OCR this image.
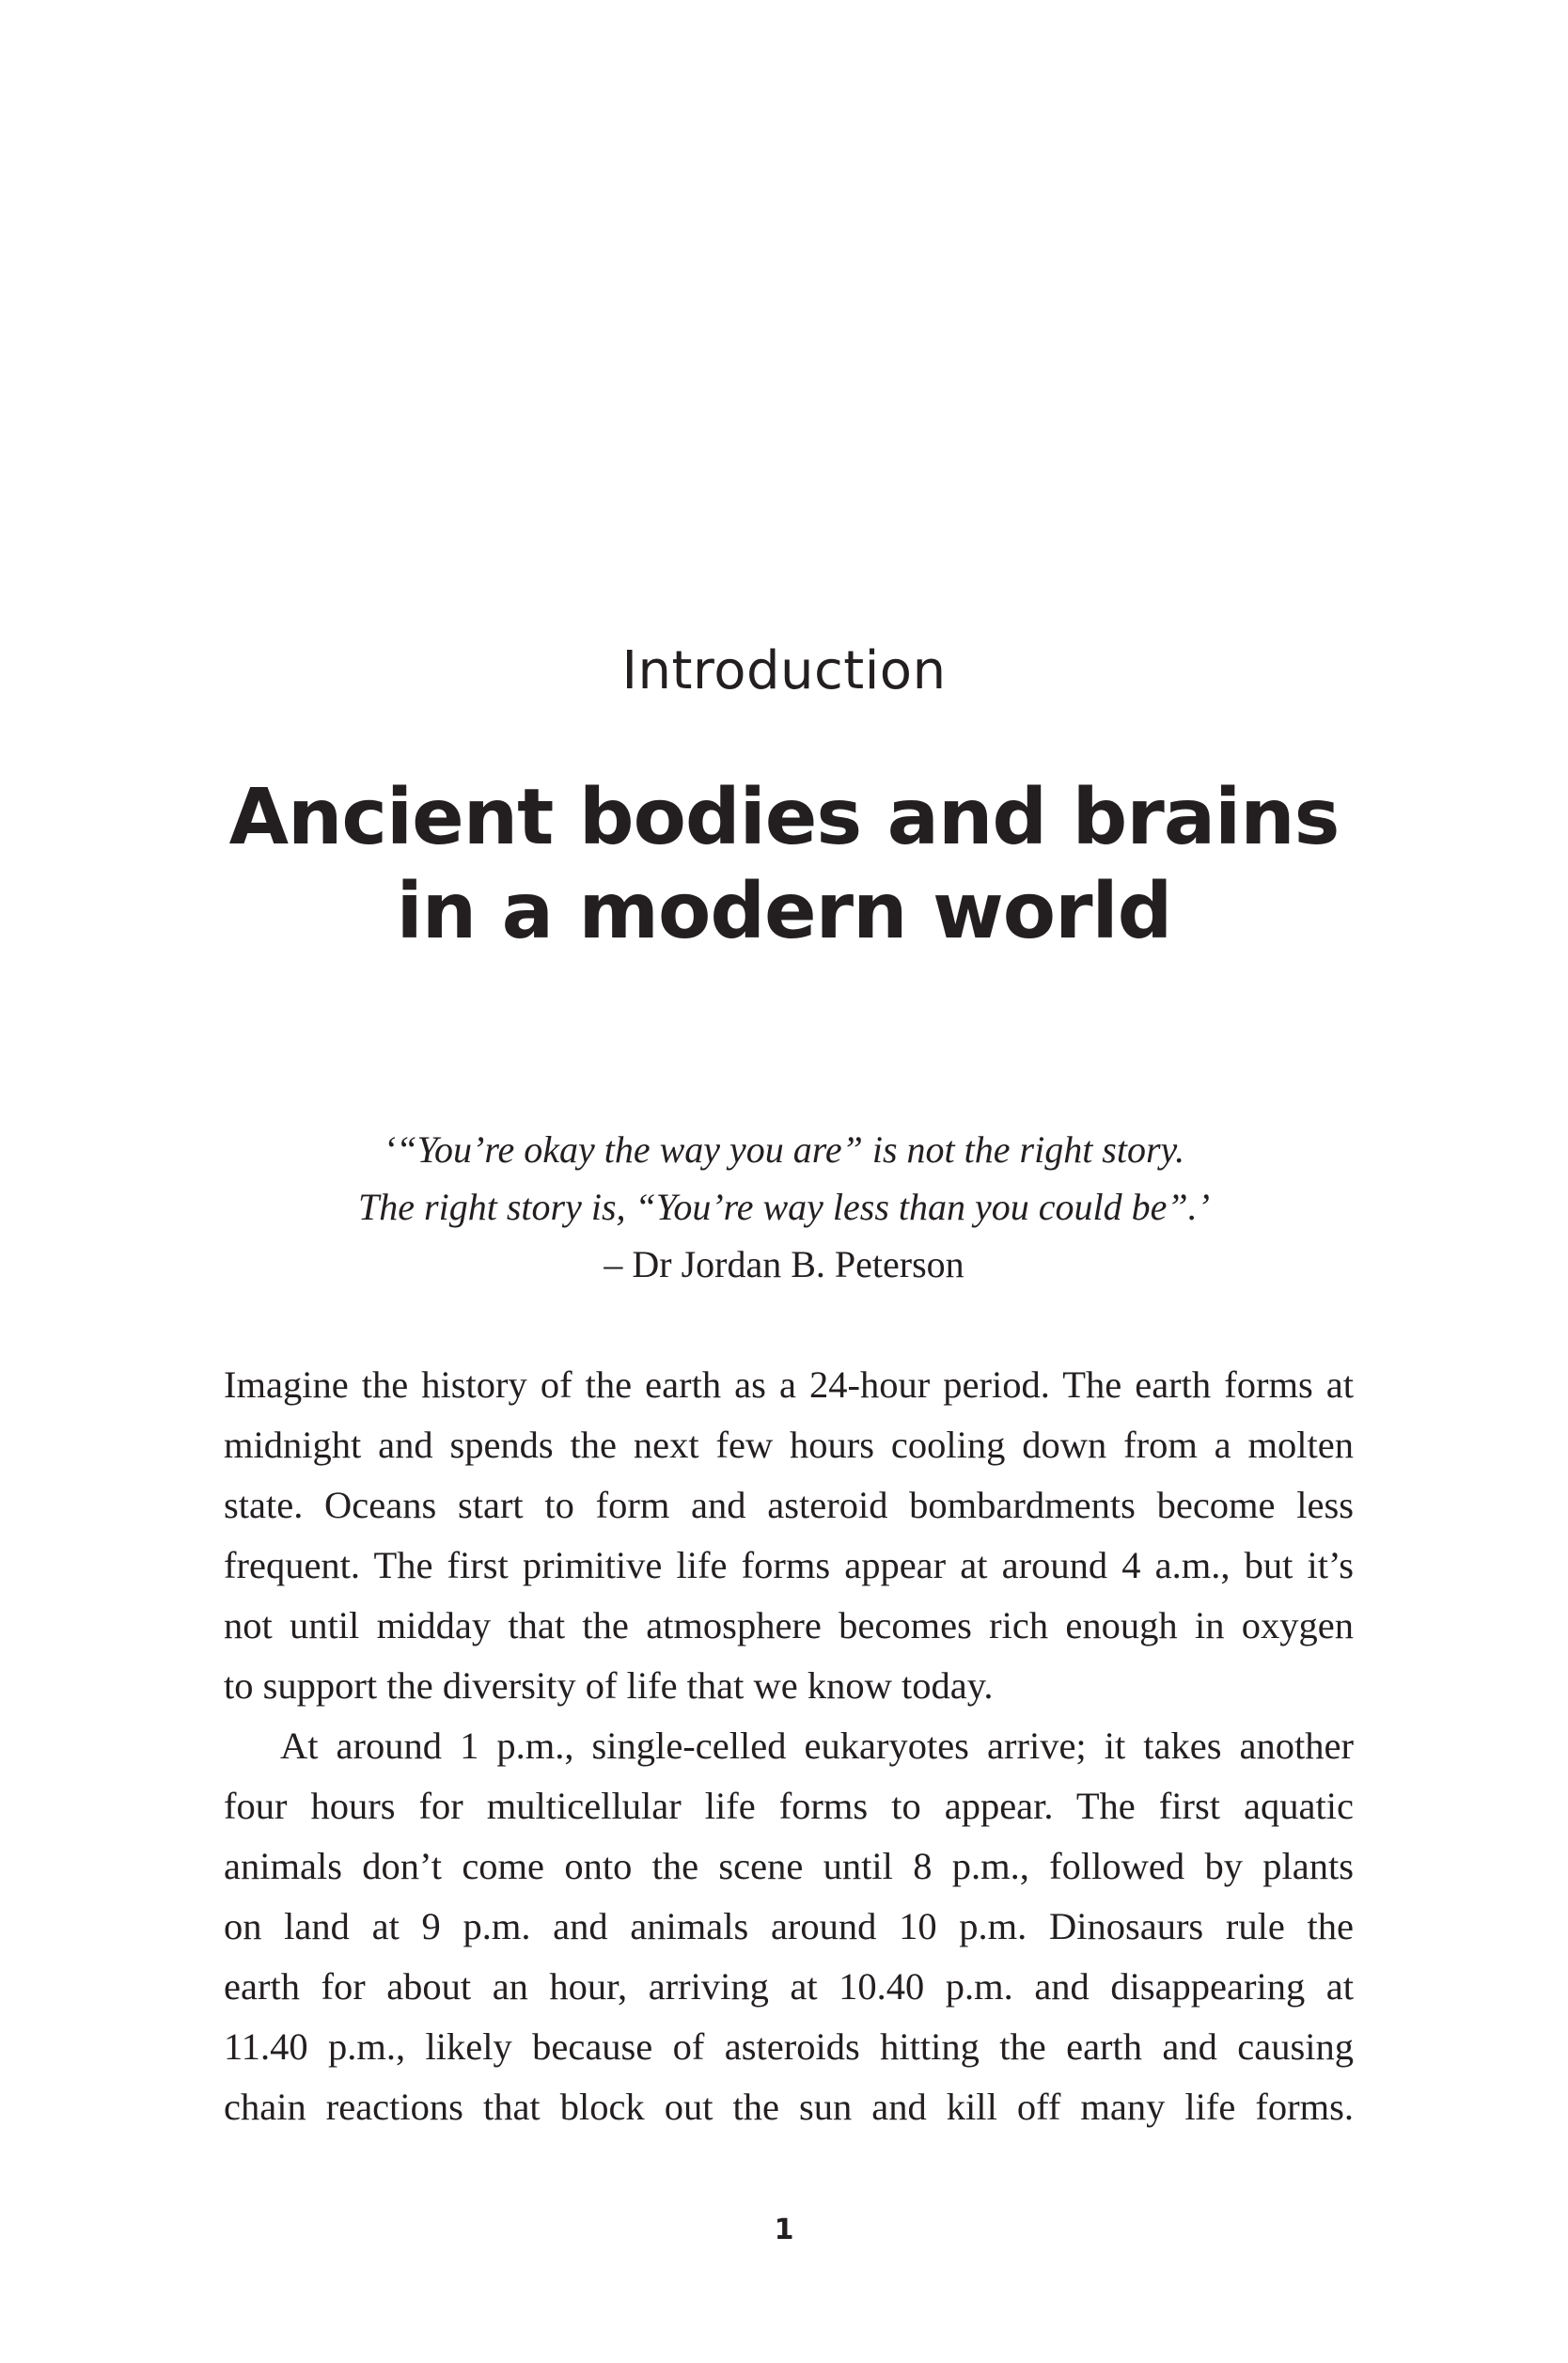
Introduction
Ancient bodies and brains
in a modern world
‘“You’re okay the way you are” is not the right story.
The right story is, “You’re way less than you could be”.’
– Dr Jordan B. Peterson
Imagine the history of the earth as a 24-hour period. The earth forms at
midnight and spends the next few hours cooling down from a molten
state. Oceans start to form and asteroid bombardments become less
frequent. The first primitive life forms appear at around 4 a.m., but it’s
not until midday that the atmosphere becomes rich enough in oxygen
to support the diversity of life that we know today.
At around 1 p.m., single-celled eukaryotes arrive; it takes another
four hours for multicellular life forms to appear. The first aquatic
animals don’t come onto the scene until 8 p.m., followed by plants
on land at 9 p.m. and animals around 10 p.m. Dinosaurs rule the
earth for about an hour, arriving at 10.40 p.m. and disappearing at
11.40 p.m., likely because of asteroids hitting the earth and causing
chain reactions that block out the sun and kill off many life forms.
1
